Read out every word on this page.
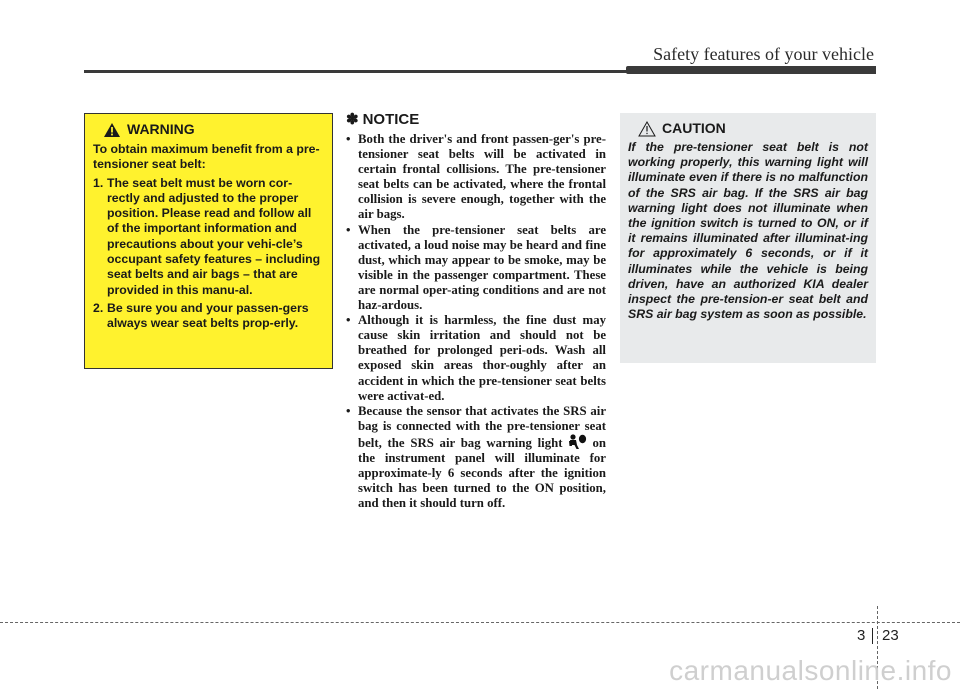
Safety features of your vehicle
WARNING

To obtain maximum benefit from a pre-tensioner seat belt:

1. The seat belt must be worn cor-rectly and adjusted to the proper position. Please read and follow all of the important information and precautions about your vehi-cle’s occupant safety features – including seat belts and air bags – that are provided in this manu-al.
2. Be sure you and your passen-gers always wear seat belts prop-erly.
✽ NOTICE
• Both the driver's and front passen-ger's pre-tensioner seat belts will be activated in certain frontal collisions. The pre-tensioner seat belts can be activated, where the frontal collision is severe enough, together with the air bags.
• When the pre-tensioner seat belts are activated, a loud noise may be heard and fine dust, which may appear to be smoke, may be visible in the passenger compartment. These are normal oper-ating conditions and are not haz-ardous.
• Although it is harmless, the fine dust may cause skin irritation and should not be breathed for prolonged peri-ods. Wash all exposed skin areas thor-oughly after an accident in which the pre-tensioner seat belts were activat-ed.
• Because the sensor that activates the SRS air bag is connected with the pre-tensioner seat belt, the SRS air bag warning light on the instrument panel will illuminate for approximate-ly 6 seconds after the ignition switch has been turned to the ON position, and then it should turn off.
CAUTION

If the pre-tensioner seat belt is not working properly, this warning light will illuminate even if there is no malfunction of the SRS air bag. If the SRS air bag warning light does not illuminate when the ignition switch is turned to ON, or if it remains illuminated after illuminat-ing for approximately 6 seconds, or if it illuminates while the vehicle is being driven, have an authorized KIA dealer inspect the pre-tension-er seat belt and SRS air bag system as soon as possible.

3 23
carmanualsonline.info
